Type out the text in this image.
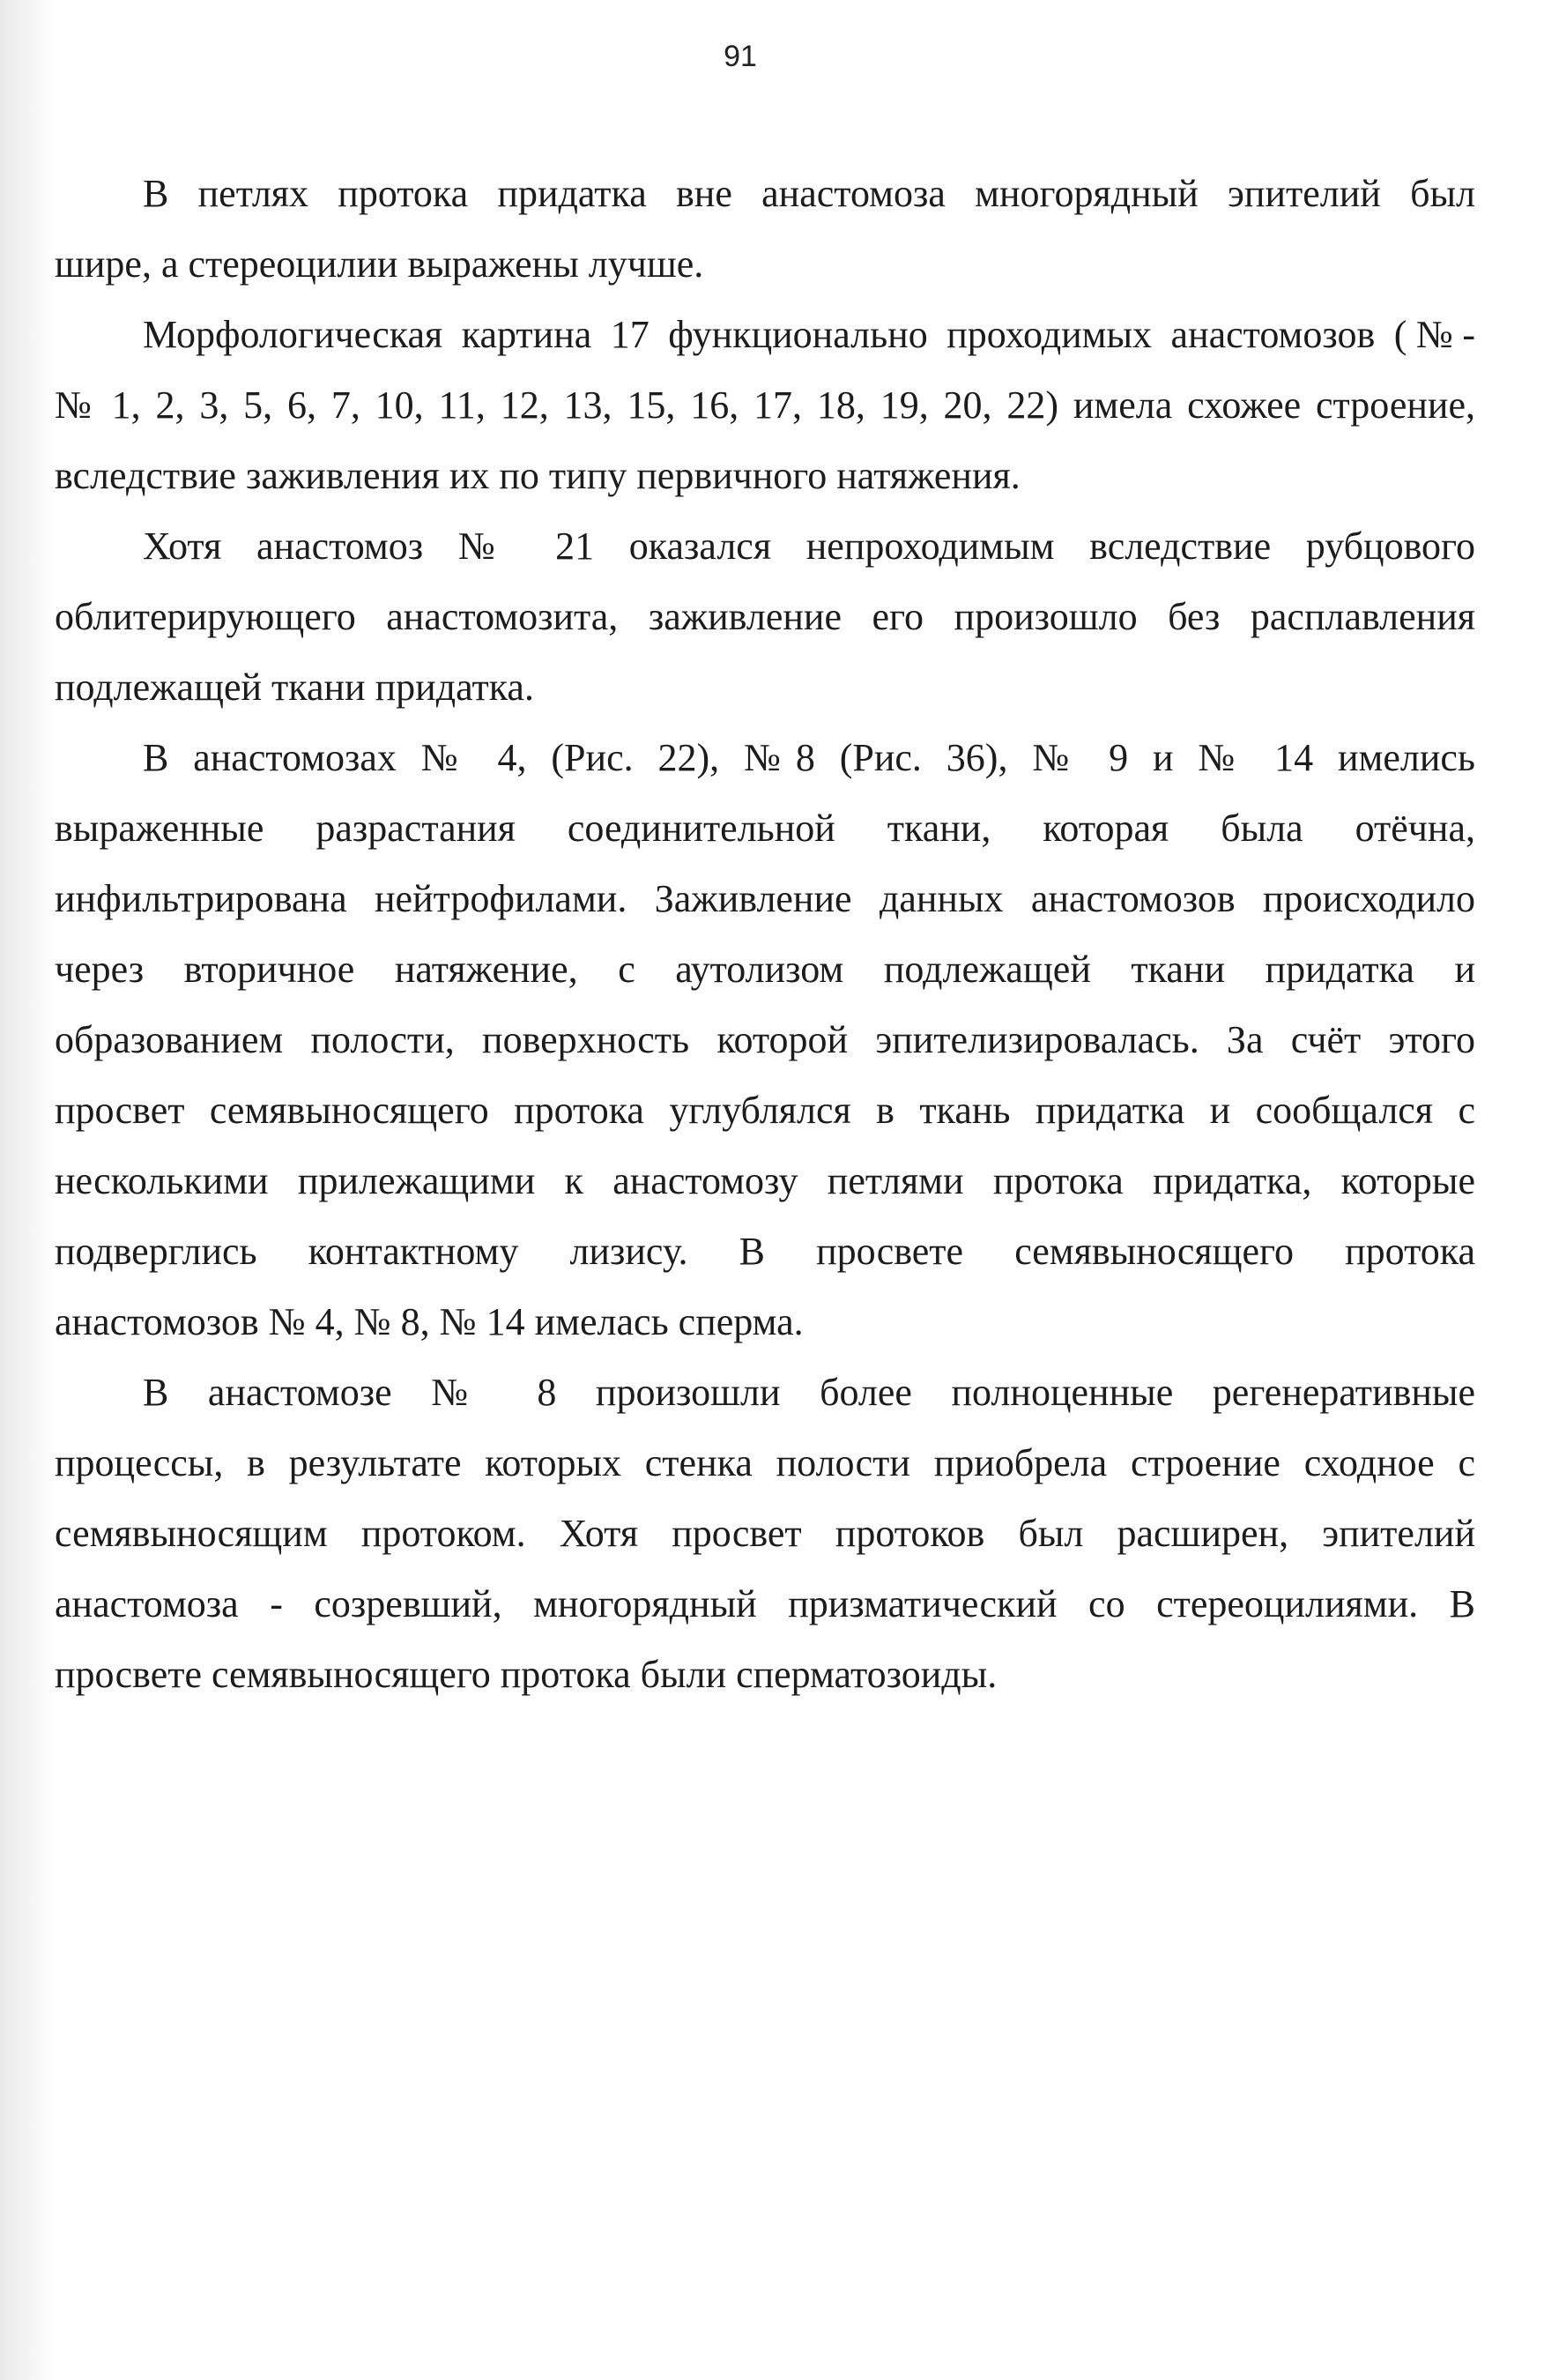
91
В петлях протока придатка вне анастомоза многорядный эпителий был
шире, а стереоцилии выражены лучше.
Морфологическая картина 17 функционально проходимых анастомозов (№-
№ 1, 2, 3, 5, 6, 7, 10, 11, 12, 13, 15, 16, 17, 18, 19, 20, 22) имела схожее строение,
вследствие заживления их по типу первичного натяжения.
Хотя анастомоз № 21 оказался непроходимым вследствие рубцового
облитерирующего анастомозита, заживление его произошло без расплавления
подлежащей ткани придатка.
В анастомозах № 4, (Рис. 22), №8 (Рис. 36), № 9 и № 14 имелись
выраженные разрастания соединительной ткани, которая была отёчна,
инфильтрирована нейтрофилами. Заживление данных анастомозов происходило
через вторичное натяжение, с аутолизом подлежащей ткани придатка и
образованием полости, поверхность которой эпителизировалась. За счёт этого
просвет семявыносящего протока углублялся в ткань придатка и сообщался с
несколькими прилежащими к анастомозу петлями протока придатка, которые
подверглись контактному лизису. В просвете семявыносящего протока
анастомозов № 4, № 8, № 14 имелась сперма.
В анастомозе № 8 произошли более полноценные регенеративные
процессы, в результате которых стенка полости приобрела строение сходное с
семявыносящим протоком. Хотя просвет протоков был расширен, эпителий
анастомоза - созревший, многорядный призматический со стереоцилиями. В
просвете семявыносящего протока были сперматозоиды.
